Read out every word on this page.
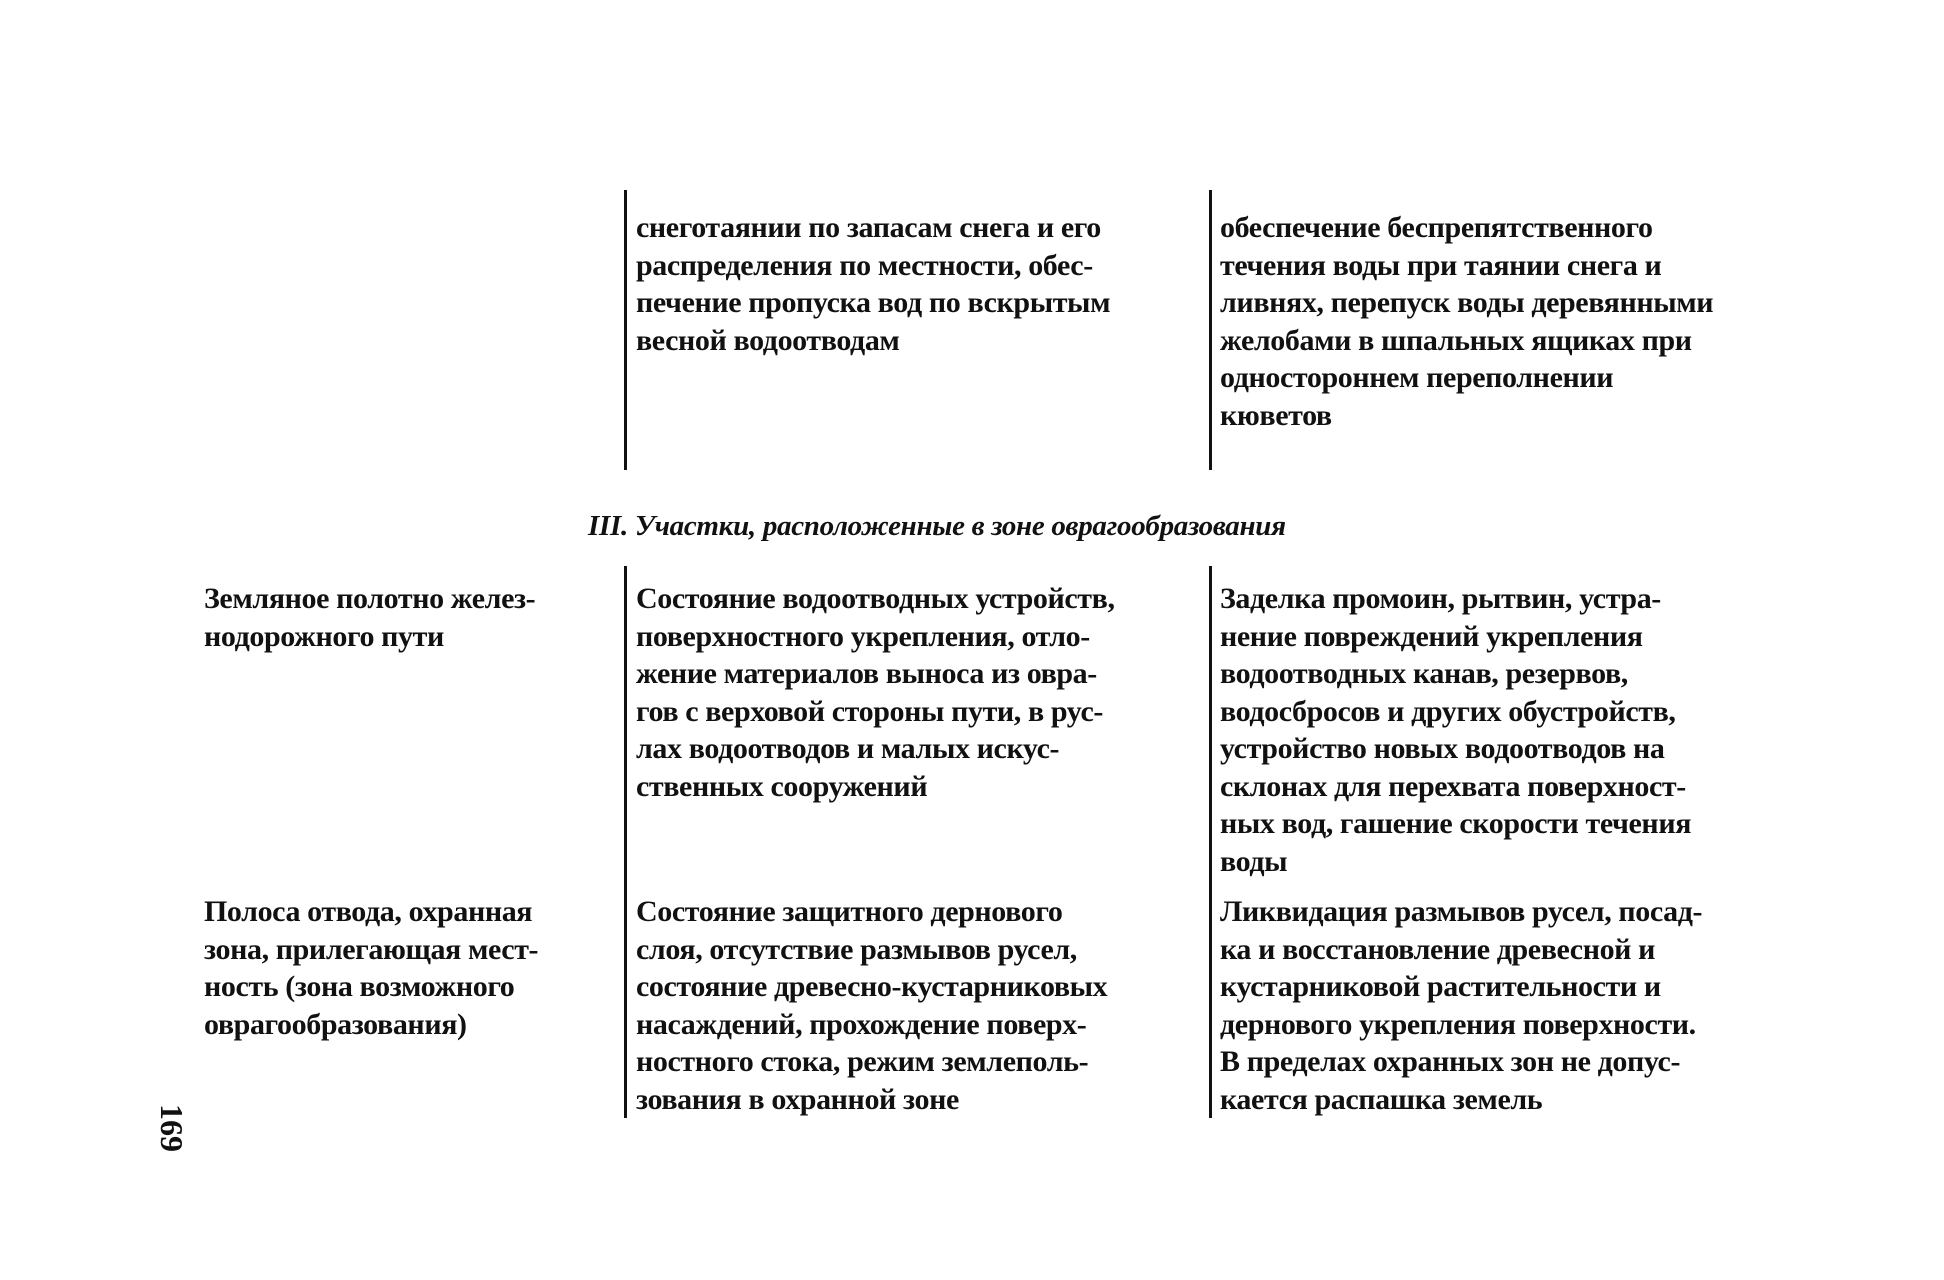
снеготаянии по запасам снега и его
распределения по местности, обес-
печение пропуска вод по вскрытым
весной водоотводам
обеспечение беспрепятственного
течения воды при таянии снега и
ливнях, перепуск воды деревянными
желобами в шпальных ящиках при
одностороннем переполнении
кюветов
III. Участки, расположенные в зоне оврагообразования
Земляное полотно желез-
нодорожного пути
Состояние водоотводных устройств,
поверхностного укрепления, отло-
жение материалов выноса из овра-
гов с верховой стороны пути, в рус-
лах водоотводов и малых искус-
ственных сооружений
Заделка промоин, рытвин, устра-
нение повреждений укрепления
водоотводных канав, резервов,
водосбросов и других обустройств,
устройство новых водоотводов на
склонах для перехвата поверхност-
ных вод, гашение скорости течения
воды
Полоса отвода, охранная
зона, прилегающая мест-
ность (зона возможного
оврагообразования)
Состояние защитного дернового
слоя, отсутствие размывов русел,
состояние древесно-кустарниковых
насаждений, прохождение поверх-
ностного стока, режим землеполь-
зования в охранной зоне
Ликвидация размывов русел, посад-
ка и восстановление древесной и
кустарниковой растительности и
дернового укрепления поверхности.
В пределах охранных зон не допус-
кается распашка земель
169
